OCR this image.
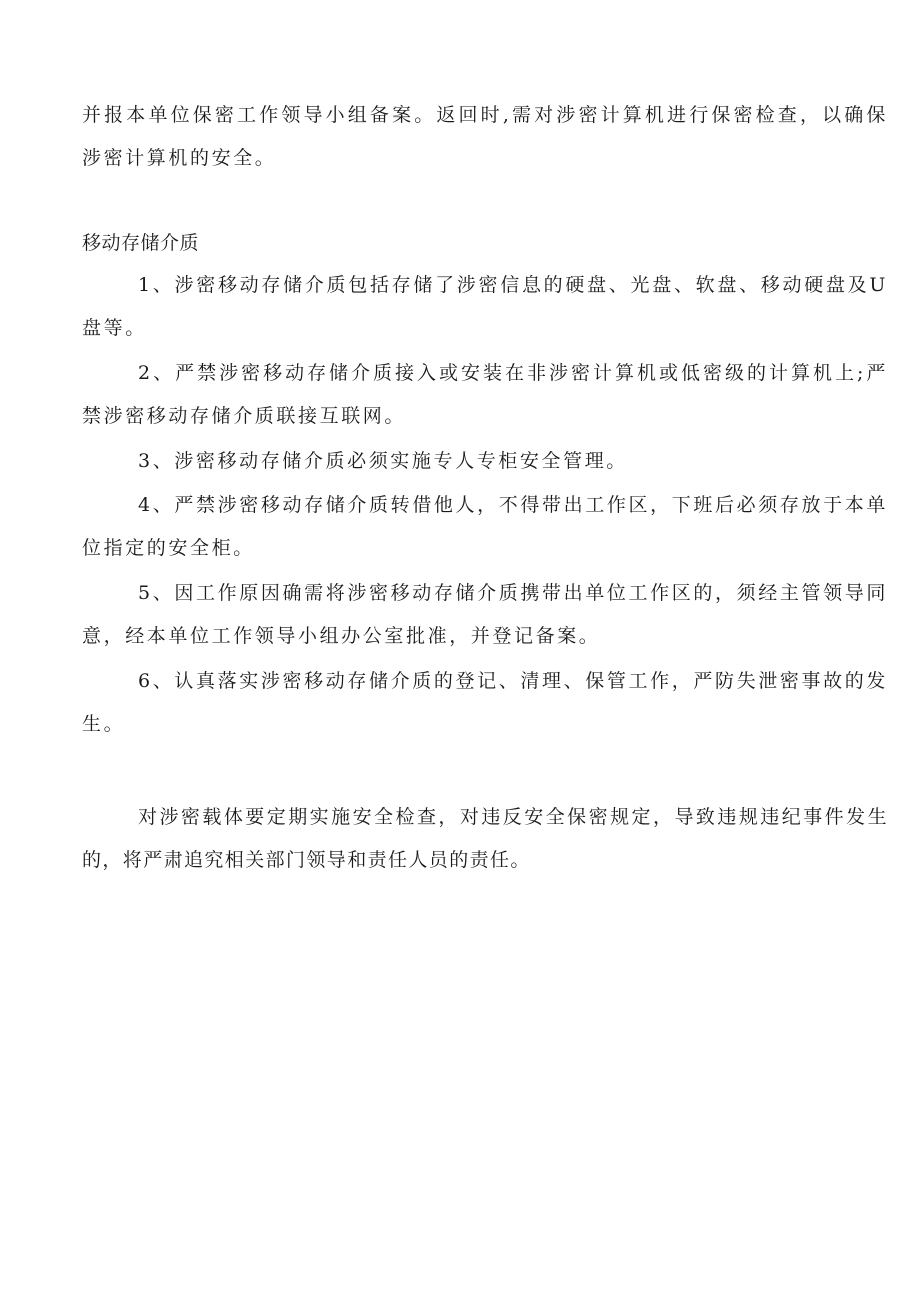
并报本单位保密工作领导小组备案。返回时,需对涉密计算机进行保密检查，以确保涉密计算机的安全。

移动存储介质

1、涉密移动存储介质包括存储了涉密信息的硬盘、光盘、软盘、移动硬盘及U盘等。

2、严禁涉密移动存储介质接入或安装在非涉密计算机或低密级的计算机上;严禁涉密移动存储介质联接互联网。

3、涉密移动存储介质必须实施专人专柜安全管理。

4、严禁涉密移动存储介质转借他人，不得带出工作区，下班后必须存放于本单位指定的安全柜。

5、因工作原因确需将涉密移动存储介质携带出单位工作区的，须经主管领导同意，经本单位工作领导小组办公室批准，并登记备案。

6、认真落实涉密移动存储介质的登记、清理、保管工作，严防失泄密事故的发生。

对涉密载体要定期实施安全检查，对违反安全保密规定，导致违规违纪事件发生的，将严肃追究相关部门领导和责任人员的责任。
